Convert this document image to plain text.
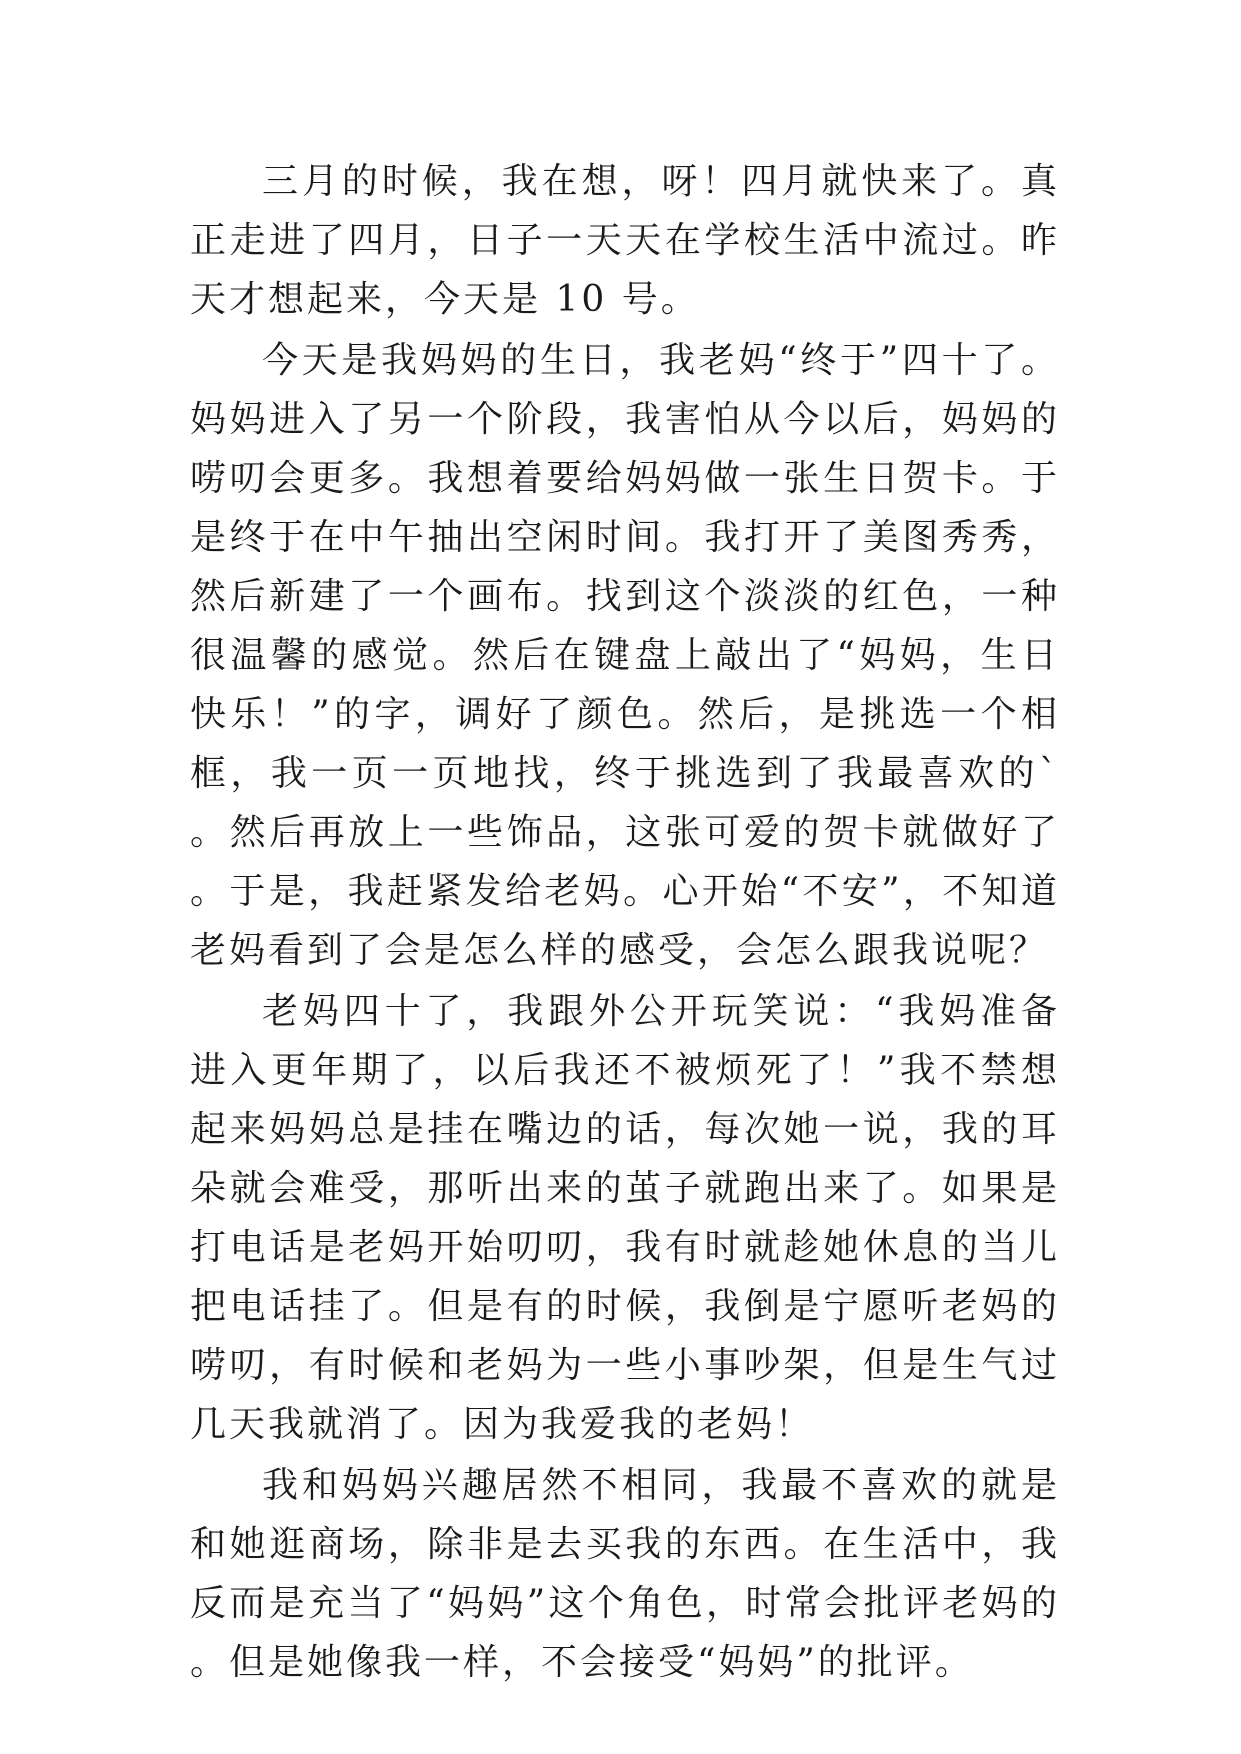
三月的时候，我在想，呀！四月就快来了。真正走进了四月，日子一天天在学校生活中流过。昨天才想起来，今天是 10 号。

今天是我妈妈的生日，我老妈“终于”四十了。妈妈进入了另一个阶段，我害怕从今以后，妈妈的唠叨会更多。我想着要给妈妈做一张生日贺卡。于是终于在中午抽出空闲时间。我打开了美图秀秀，然后新建了一个画布。找到这个淡淡的红色，一种很温馨的感觉。然后在键盘上敲出了“妈妈，生日快乐！”的字，调好了颜色。然后，是挑选一个相框，我一页一页地找，终于挑选到了我最喜欢的`。然后再放上一些饰品，这张可爱的贺卡就做好了。于是，我赶紧发给老妈。心开始“不安”，不知道老妈看到了会是怎么样的感受，会怎么跟我说呢？

老妈四十了，我跟外公开玩笑说：“我妈准备进入更年期了，以后我还不被烦死了！”我不禁想起来妈妈总是挂在嘴边的话，每次她一说，我的耳朵就会难受，那听出来的茧子就跑出来了。如果是打电话是老妈开始叨叨，我有时就趁她休息的当儿把电话挂了。但是有的时候，我倒是宁愿听老妈的唠叨，有时候和老妈为一些小事吵架，但是生气过几天我就消了。因为我爱我的老妈！

我和妈妈兴趣居然不相同，我最不喜欢的就是和她逛商场，除非是去买我的东西。在生活中，我反而是充当了“妈妈”这个角色，时常会批评老妈的。但是她像我一样，不会接受“妈妈”的批评。
